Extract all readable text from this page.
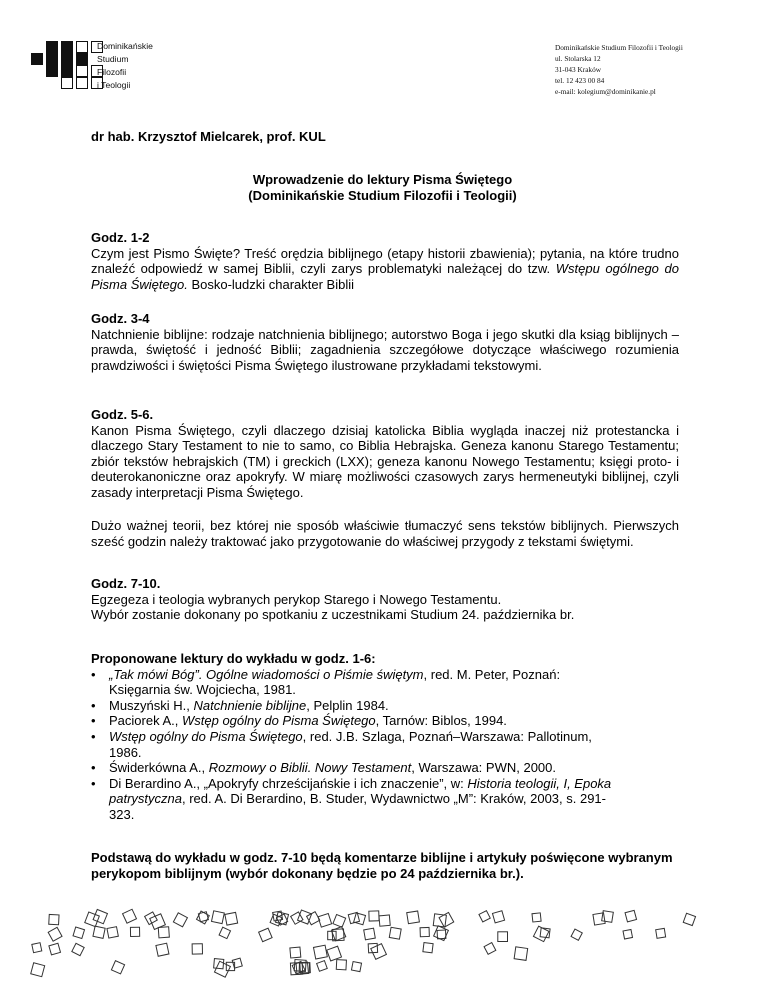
Dominikańskie
Studium
Filozofii
i Teologii
Dominikańskie Studium Filozofii i Teologii
ul. Stolarska 12
31-043 Kraków
tel. 12 423 00 84
e-mail: kolegium@dominikanie.pl
dr hab. Krzysztof Mielcarek, prof. KUL
Wprowadzenie do lektury Pisma Świętego
(Dominikańskie Studium Filozofii i Teologii)
Godz. 1-2
Czym jest Pismo Święte? Treść orędzia biblijnego (etapy historii zbawienia); pytania, na które trudno znaleźć odpowiedź w samej Biblii, czyli zarys problematyki należącej do tzw. Wstępu ogólnego do Pisma Świętego. Bosko-ludzki charakter Biblii
Godz. 3-4
Natchnienie biblijne: rodzaje natchnienia biblijnego; autorstwo Boga i jego skutki dla ksiąg biblijnych – prawda, świętość i jedność Biblii; zagadnienia szczegółowe dotyczące właściwego rozumienia prawdziwości i świętości Pisma Świętego ilustrowane przykładami tekstowymi.
Godz. 5-6.
Kanon Pisma Świętego, czyli dlaczego dzisiaj katolicka Biblia wygląda inaczej niż protestancka i dlaczego Stary Testament to nie to samo, co Biblia Hebrajska. Geneza kanonu Starego Testamentu; zbiór tekstów hebrajskich (TM) i greckich (LXX); geneza kanonu Nowego Testamentu; księgi proto- i deuterokanoniczne oraz apokryfy. W miarę możliwości czasowych zarys hermeneutyki biblijnej, czyli zasady interpretacji Pisma Świętego.
Dużo ważnej teorii, bez której nie sposób właściwie tłumaczyć sens tekstów biblijnych. Pierwszych sześć godzin należy traktować jako przygotowanie do właściwej przygody z tekstami świętymi.
Godz. 7-10.
Egzegeza i teologia wybranych perykop Starego i Nowego Testamentu.
Wybór zostanie dokonany po spotkaniu z uczestnikami Studium 24. października br.
Proponowane lektury do wykładu w godz. 1-6:
• „Tak mówi Bóg”. Ogólne wiadomości o Piśmie świętym, red. M. Peter, Poznań: Księgarnia św. Wojciecha, 1981.
• Muszyński H., Natchnienie biblijne, Pelplin 1984.
• Paciorek A., Wstęp ogólny do Pisma Świętego, Tarnów: Biblos, 1994.
• Wstęp ogólny do Pisma Świętego, red. J.B. Szlaga, Poznań–Warszawa: Pallotinum, 1986.
• Świderkówna A., Rozmowy o Biblii. Nowy Testament, Warszawa: PWN, 2000.
• Di Berardino A., „Apokryfy chrześcijańskie i ich znaczenie”, w: Historia teologii, I, Epoka patrystyczna, red. A. Di Berardino, B. Studer, Wydawnictwo „M”: Kraków, 2003, s. 291-323.
Podstawą do wykładu w godz. 7-10 będą komentarze biblijne i artykuły poświęcone wybranym perykopom biblijnym (wybór dokonany będzie po 24 października br.).
